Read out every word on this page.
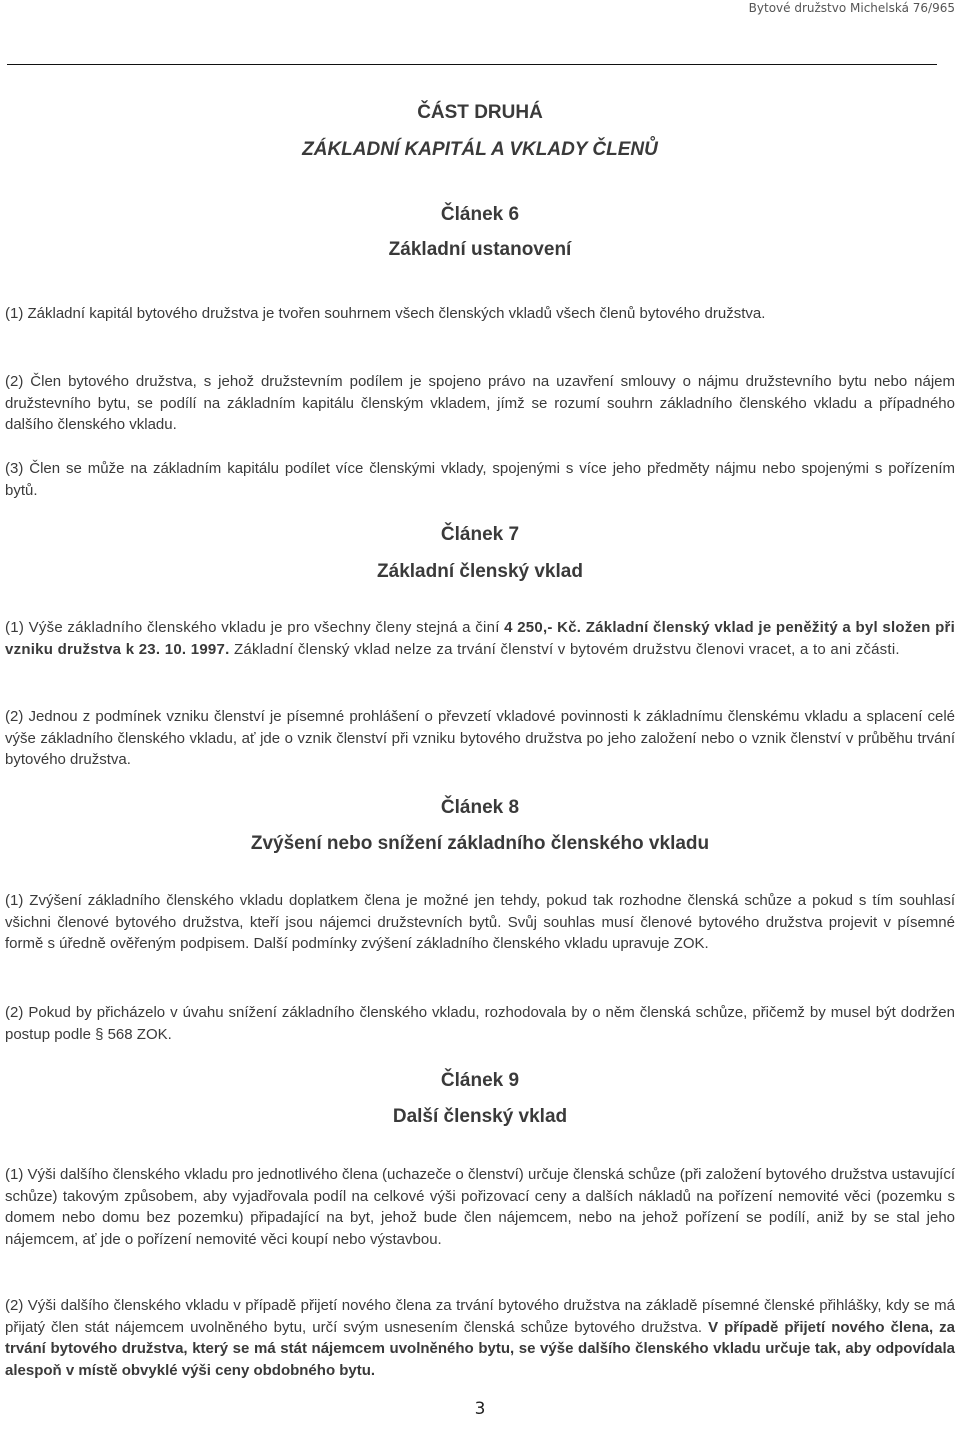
Bytové družstvo Michelská 76/965
ČÁST DRUHÁ
ZÁKLADNÍ KAPITÁL A VKLADY ČLENŮ
Článek 6
Základní ustanovení
(1) Základní kapitál bytového družstva je tvořen souhrnem všech členských vkladů všech členů bytového družstva.
(2) Člen bytového družstva, s jehož družstevním podílem je spojeno právo na uzavření smlouvy o nájmu družstevního bytu nebo nájem družstevního bytu, se podílí na základním kapitálu členským vkladem, jímž se rozumí souhrn základního členského vkladu a případného dalšího členského vkladu.
(3) Člen se může na základním kapitálu podílet více členskými vklady, spojenými s více jeho předměty nájmu nebo spojenými s pořízením bytů.
Článek 7
Základní členský vklad
(1) Výše základního členského vkladu je pro všechny členy stejná a činí 4 250,- Kč. Základní členský vklad je peněžitý a byl složen při vzniku družstva k 23. 10. 1997. Základní členský vklad nelze za trvání členství v bytovém družstvu členovi vracet, a to ani zčásti.
(2) Jednou z podmínek vzniku členství je písemné prohlášení o převzetí vkladové povinnosti k základnímu členskému vkladu a splacení celé výše základního členského vkladu, ať jde o vznik členství při vzniku bytového družstva po jeho založení nebo o vznik členství v průběhu trvání bytového družstva.
Článek 8
Zvýšení nebo snížení základního členského vkladu
(1) Zvýšení základního členského vkladu doplatkem člena je možné jen tehdy, pokud tak rozhodne členská schůze a pokud s tím souhlasí všichni členové bytového družstva, kteří jsou nájemci družstevních bytů. Svůj souhlas musí členové bytového družstva projevit v písemné formě s úředně ověřeným podpisem. Další podmínky zvýšení základního členského vkladu upravuje ZOK.
(2) Pokud by přicházelo v úvahu snížení základního členského vkladu, rozhodovala by o něm členská schůze, přičemž by musel být dodržen postup podle § 568 ZOK.
Článek 9
Další členský vklad
(1) Výši dalšího členského vkladu pro jednotlivého člena (uchazeče o členství) určuje členská schůze (při založení bytového družstva ustavující schůze) takovým způsobem, aby vyjadřovala podíl na celkové výši pořizovací ceny a dalších nákladů na pořízení nemovité věci (pozemku s domem nebo domu bez pozemku) připadající na byt, jehož bude člen nájemcem, nebo na jehož pořízení se podílí, aniž by se stal jeho nájemcem, ať jde o pořízení nemovité věci koupí nebo výstavbou.
(2) Výši dalšího členského vkladu v případě přijetí nového člena za trvání bytového družstva na základě písemné členské přihlášky, kdy se má přijatý člen stát nájemcem uvolněného bytu, určí svým usnesením členská schůze bytového družstva. V případě přijetí nového člena, za trvání bytového družstva, který se má stát nájemcem uvolněného bytu, se výše dalšího členského vkladu určuje tak, aby odpovídala alespoň v místě obvyklé výši ceny obdobného bytu.
3
